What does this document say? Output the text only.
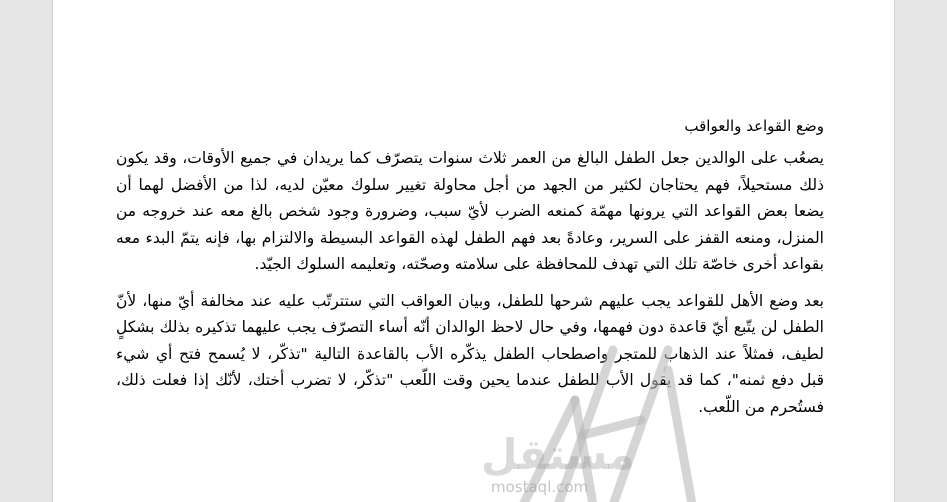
وضع القواعد والعواقب

يصعُب على الوالدين جعل الطفل البالغ من العمر ثلاث سنوات يتصرّف كما يريدان في جميع الأوقات، وقد يكون ذلك مستحيلاً، فهم يحتاجان لكثير من الجهد من أجل محاولة تغيير سلوك معيّن لديه، لذا من الأفضل لهما أن يضعا بعض القواعد التي يرونها مهمّة كمنعه الضرب لأيّ سبب، وضرورة وجود شخص بالغ معه عند خروجه من المنزل، ومنعه القفز على السرير، وعادةً بعد فهم الطفل لهذه القواعد البسيطة والالتزام بها، فإنه يتمّ البدء معه بقواعد أخرى خاصّة تلك التي تهدف للمحافظة على سلامته وصحّته، وتعليمه السلوك الجيّد.

بعد وضع الأهل للقواعد يجب عليهم شرحها للطفل، وبيان العواقب التي ستترتّب عليه عند مخالفة أيّ منها، لأنّ الطفل لن يتّبع أيّ قاعدة دون فهمها، وفي حال لاحظ الوالدان أنّه أساء التصرّف يجب عليهما تذكيره بذلك بشكلٍ لطيف، فمثلاً عند الذهاب للمتجر واصطحاب الطفل يذكّره الأب بالقاعدة التالية "تذكّر، لا يُسمح فتح أي شيء قبل دفع ثمنه"، كما قد يقول الأب للطفل عندما يحين وقت اللّعب "تذكّر، لا تضرب أختك، لأنّك إذا فعلت ذلك، فستُحرم من اللّعب.

مستقل
mostaql.com
